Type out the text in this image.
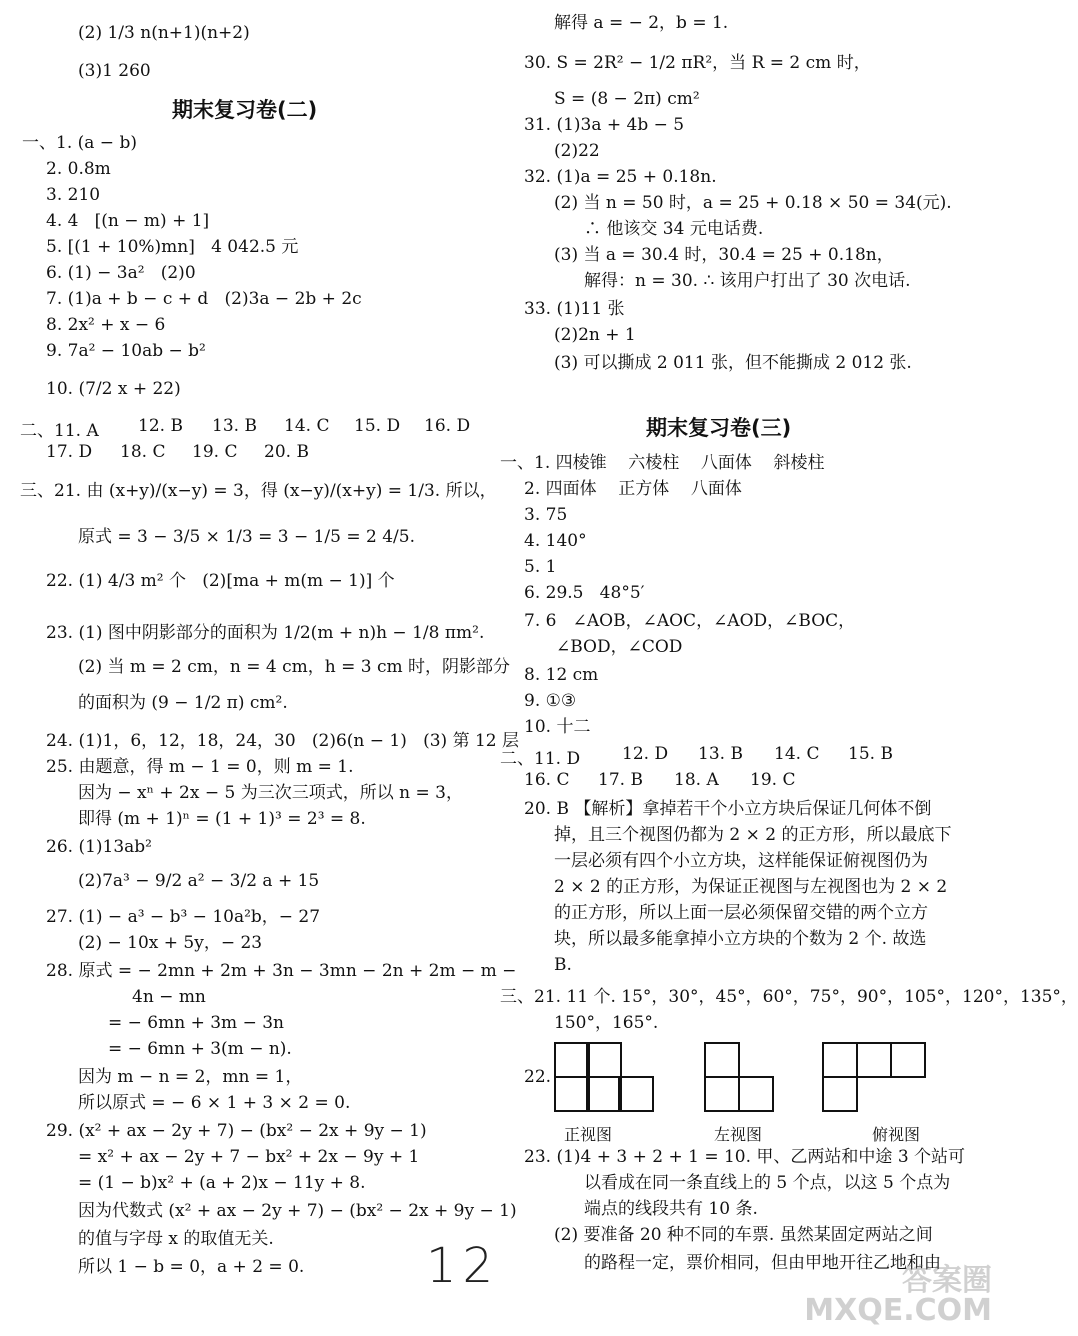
(2) 1/3 n(n+1)(n+2)
(3)1 260
期末复习卷(二)
一、1. (a − b)
2. 0.8m
3. 210
4. 4   [(n − m) + 1]
5. [(1 + 10%)mn]   4 042.5 元
6. (1) − 3a²   (2)0
7. (1)a + b − c + d   (2)3a − 2b + 2c
8. 2x² + x − 6
9. 7a² − 10ab − b²
10. (7/2 x + 22)
二、11. A 12. B 13. B 14. C 15. D 16. D
17. D 18. C 19. C 20. B
三、21. 由 (x+y)/(x−y) = 3，得 (x−y)/(x+y) = 1/3. 所以，
原式 = 3 − 3/5 × 1/3 = 3 − 1/5 = 2 4/5.
22. (1) 4/3 m² 个   (2)[ma + m(m − 1)] 个
23. (1) 图中阴影部分的面积为 1/2(m + n)h − 1/8 πm².
(2) 当 m = 2 cm，n = 4 cm，h = 3 cm 时，阴影部分
的面积为 (9 − 1/2 π) cm².
24. (1)1，6，12，18，24，30   (2)6(n − 1)   (3) 第 12 层
25. 由题意，得 m − 1 = 0，则 m = 1.
因为 − xⁿ + 2x − 5 为三次三项式，所以 n = 3，
即得 (m + 1)ⁿ = (1 + 1)³ = 2³ = 8.
26. (1)13ab²
(2)7a³ − 9/2 a² − 3/2 a + 15
27. (1) − a³ − b³ − 10a²b，− 27
(2) − 10x + 5y，− 23
28. 原式 = − 2mn + 2m + 3n − 3mn − 2n + 2m − m −
4n − mn
= − 6mn + 3m − 3n
= − 6mn + 3(m − n).
因为 m − n = 2，mn = 1，
所以原式 = − 6 × 1 + 3 × 2 = 0.
29. (x² + ax − 2y + 7) − (bx² − 2x + 9y − 1)
= x² + ax − 2y + 7 − bx² + 2x − 9y + 1
= (1 − b)x² + (a + 2)x − 11y + 8.
因为代数式 (x² + ax − 2y + 7) − (bx² − 2x + 9y − 1)
的值与字母 x 的取值无关.
所以 1 − b = 0，a + 2 = 0.
解得 a = − 2，b = 1.
30. S = 2R² − 1/2 πR²，当 R = 2 cm 时，
S = (8 − 2π) cm²
31. (1)3a + 4b − 5
(2)22
32. (1)a = 25 + 0.18n.
(2) 当 n = 50 时，a = 25 + 0.18 × 50 = 34(元).
∴ 他该交 34 元电话费.
(3) 当 a = 30.4 时，30.4 = 25 + 0.18n，
解得：n = 30. ∴ 该用户打出了 30 次电话.
33. (1)11 张
(2)2n + 1
(3) 可以撕成 2 011 张，但不能撕成 2 012 张.
期末复习卷(三)
一、1. 四棱锥    六棱柱    八面体    斜棱柱
2. 四面体    正方体    八面体
3. 75
4. 140°
5. 1
6. 29.5   48°5′
7. 6   ∠AOB，∠AOC，∠AOD，∠BOC，
∠BOD，∠COD
8. 12 cm
9. ①③
10. 十二
二、11. D 12. D 13. B 14. C 15. B
16. C 17. B 18. A 19. C
20. B 【解析】拿掉若干个小立方块后保证几何体不倒
掉，且三个视图仍都为 2 × 2 的正方形，所以最底下
一层必须有四个小立方块，这样能保证俯视图仍为
2 × 2 的正方形，为保证正视图与左视图也为 2 × 2
的正方形，所以上面一层必须保留交错的两个立方
块，所以最多能拿掉小立方块的个数为 2 个. 故选
B.
三、21. 11 个. 15°，30°，45°，60°，75°，90°，105°，120°，135°，
150°，165°.
22.
正视图	左视图	俯视图
23. (1)4 + 3 + 2 + 1 = 10. 甲、乙两站和中途 3 个站可
以看成在同一条直线上的 5 个点，以这 5 个点为
端点的线段共有 10 条.
(2) 要准备 20 种不同的车票. 虽然某固定两站之间
的路程一定，票价相同，但由甲地开往乙地和由
12	答案圈
MXQE.COM
